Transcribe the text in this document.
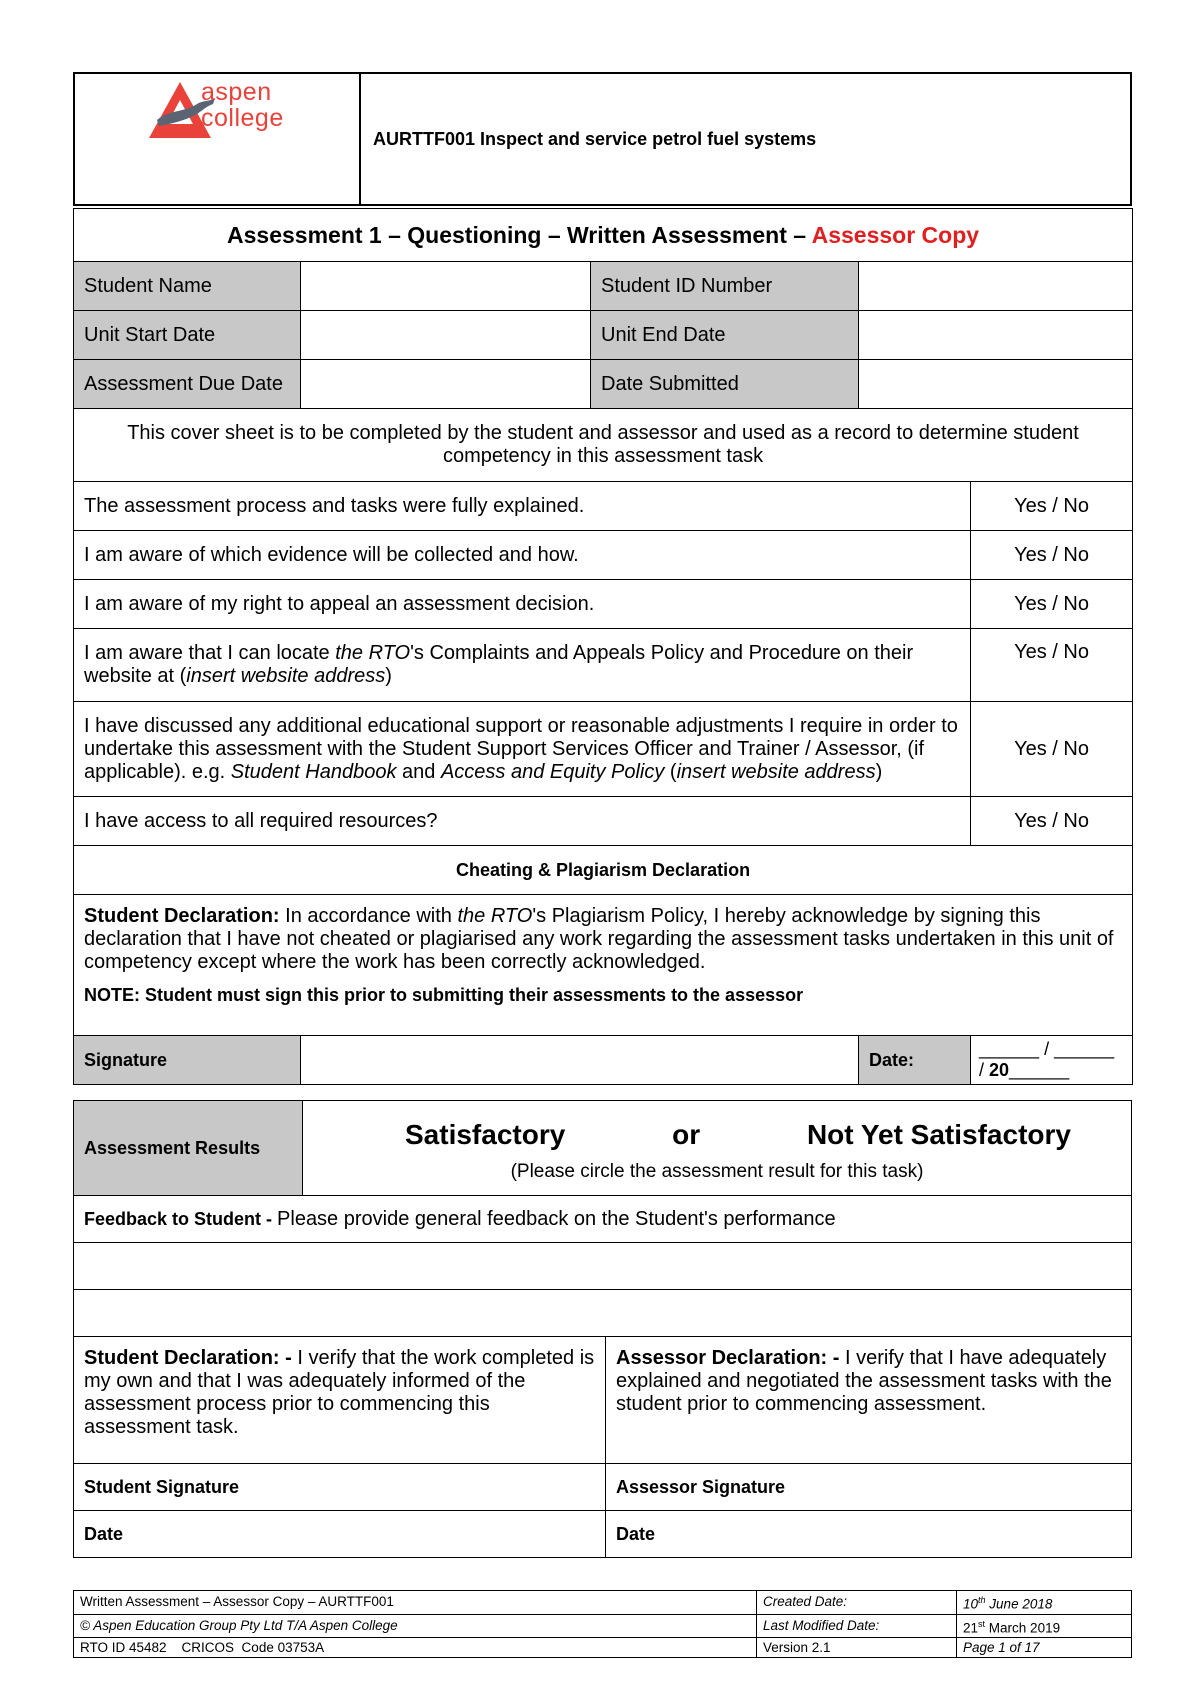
aspen
college
	AURTTF001 Inspect and service petrol fuel systems
Assessment 1 – Questioning – Written Assessment – Assessor Copy				
Student Name		Student ID Number		
Unit Start Date		Unit End Date		
Assessment Due Date		Date Submitted		
This cover sheet is to be completed by the student and assessor and used as a record to determine student competency in this assessment task				
The assessment process and tasks were fully explained.				Yes / No
I am aware of which evidence will be collected and how.				Yes / No
I am aware of my right to appeal an assessment decision.				Yes / No
I am aware that I can locate the RTO's Complaints and Appeals Policy and Procedure on their website at (insert website address)				Yes / No
I have discussed any additional educational support or reasonable adjustments I require in order to undertake this assessment with the Student Support Services Officer and Trainer / Assessor, (if applicable). e.g. Student Handbook and Access and Equity Policy (insert website address)				Yes / No
I have access to all required resources?				Yes / No
Cheating & Plagiarism Declaration				

Student Declaration: In accordance with the RTO's Plagiarism Policy, I hereby acknowledge by signing this declaration that I have not cheated or plagiarised any work regarding the assessment tasks undertaken in this unit of competency except where the work has been correctly acknowledged.
NOTE: Student must sign this prior to submitting their assessments to the assessor				

Signature			Date:	______ / ______ / 20______
Assessment Results	Satisfactory or Not Yet Satisfactory
(Please circle the assessment result for this task)	

Feedback to Student - Please provide general feedback on the Student's performance		

Student Declaration: - I verify that the work completed is my own and that I was adequately informed of the assessment process prior to commencing this assessment task.		Assessor Declaration: - I verify that I have adequately explained and negotiated the assessment tasks with the student prior to commencing assessment.
Student Signature		Assessor Signature
Date		Date
Written Assessment – Assessor Copy – AURTTF001	Created Date:	10th June 2018
© Aspen Education Group Pty Ltd T/A Aspen College	Last Modified Date:	21st March 2019
RTO ID 45482    CRICOS  Code 03753A	Version 2.1	Page 1 of 17
